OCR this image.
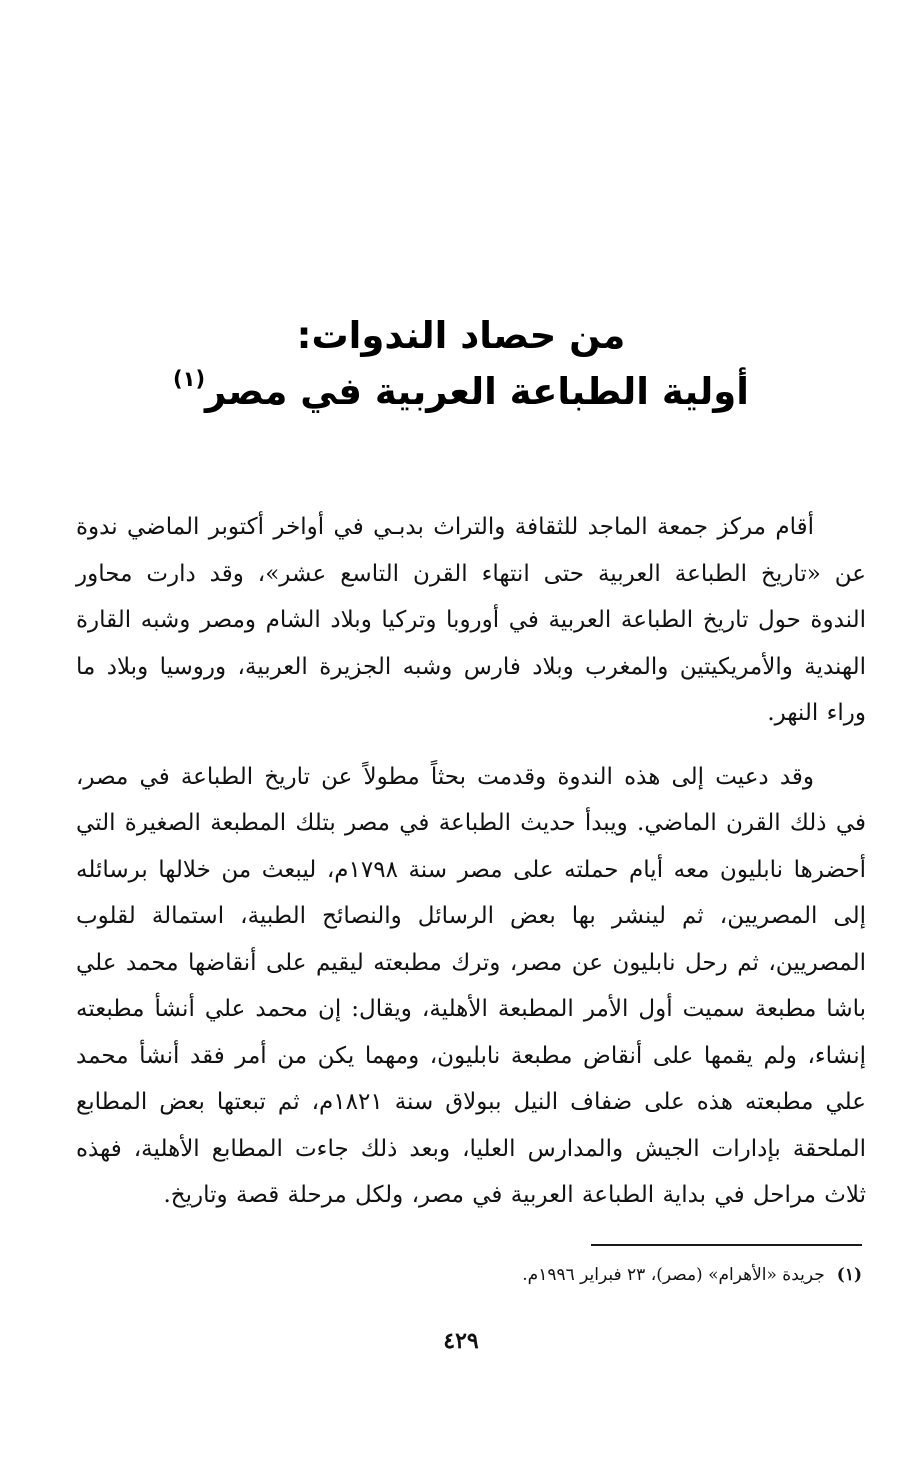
من حصاد الندوات:
أولية الطباعة العربية في مصر$^{(١)}$

أقام مركز جمعة الماجد للثقافة والتراث بدبـي في أواخر أكتوبر الماضي ندوة عن «تاريخ الطباعة العربية حتى انتهاء القرن التاسع عشر»، وقد دارت محاور الندوة حول تاريخ الطباعة العربية في أوروبا وتركيا وبلاد الشام ومصر وشبه القارة الهندية والأمريكيتين والمغرب وبلاد فارس وشبه الجزيرة العربية، وروسيا وبلاد ما وراء النهر.

وقد دعيت إلى هذه الندوة وقدمت بحثاً مطولاً عن تاريخ الطباعة في مصر، في ذلك القرن الماضي. ويبدأ حديث الطباعة في مصر بتلك المطبعة الصغيرة التي أحضرها نابليون معه أيام حملته على مصر سنة ١٧٩٨م، ليبعث من خلالها برسائله إلى المصريين، ثم لينشر بها بعض الرسائل والنصائح الطبية، استمالة لقلوب المصريين، ثم رحل نابليون عن مصر، وترك مطبعته ليقيم على أنقاضها محمد علي باشا مطبعة سميت أول الأمر المطبعة الأهلية، ويقال: إن محمد علي أنشأ مطبعته إنشاء، ولم يقمها على أنقاض مطبعة نابليون، ومهما يكن من أمر فقد أنشأ محمد علي مطبعته هذه على ضفاف النيل ببولاق سنة ١٨٢١م، ثم تبعتها بعض المطابع الملحقة بإدارات الجيش والمدارس العليا، وبعد ذلك جاءت المطابع الأهلية، فهذه ثلاث مراحل في بداية الطباعة العربية في مصر، ولكل مرحلة قصة وتاريخ.

(١)جريدة «الأهرام» (مصر)، ٢٣ فبراير ١٩٩٦م.
٤٢٩
